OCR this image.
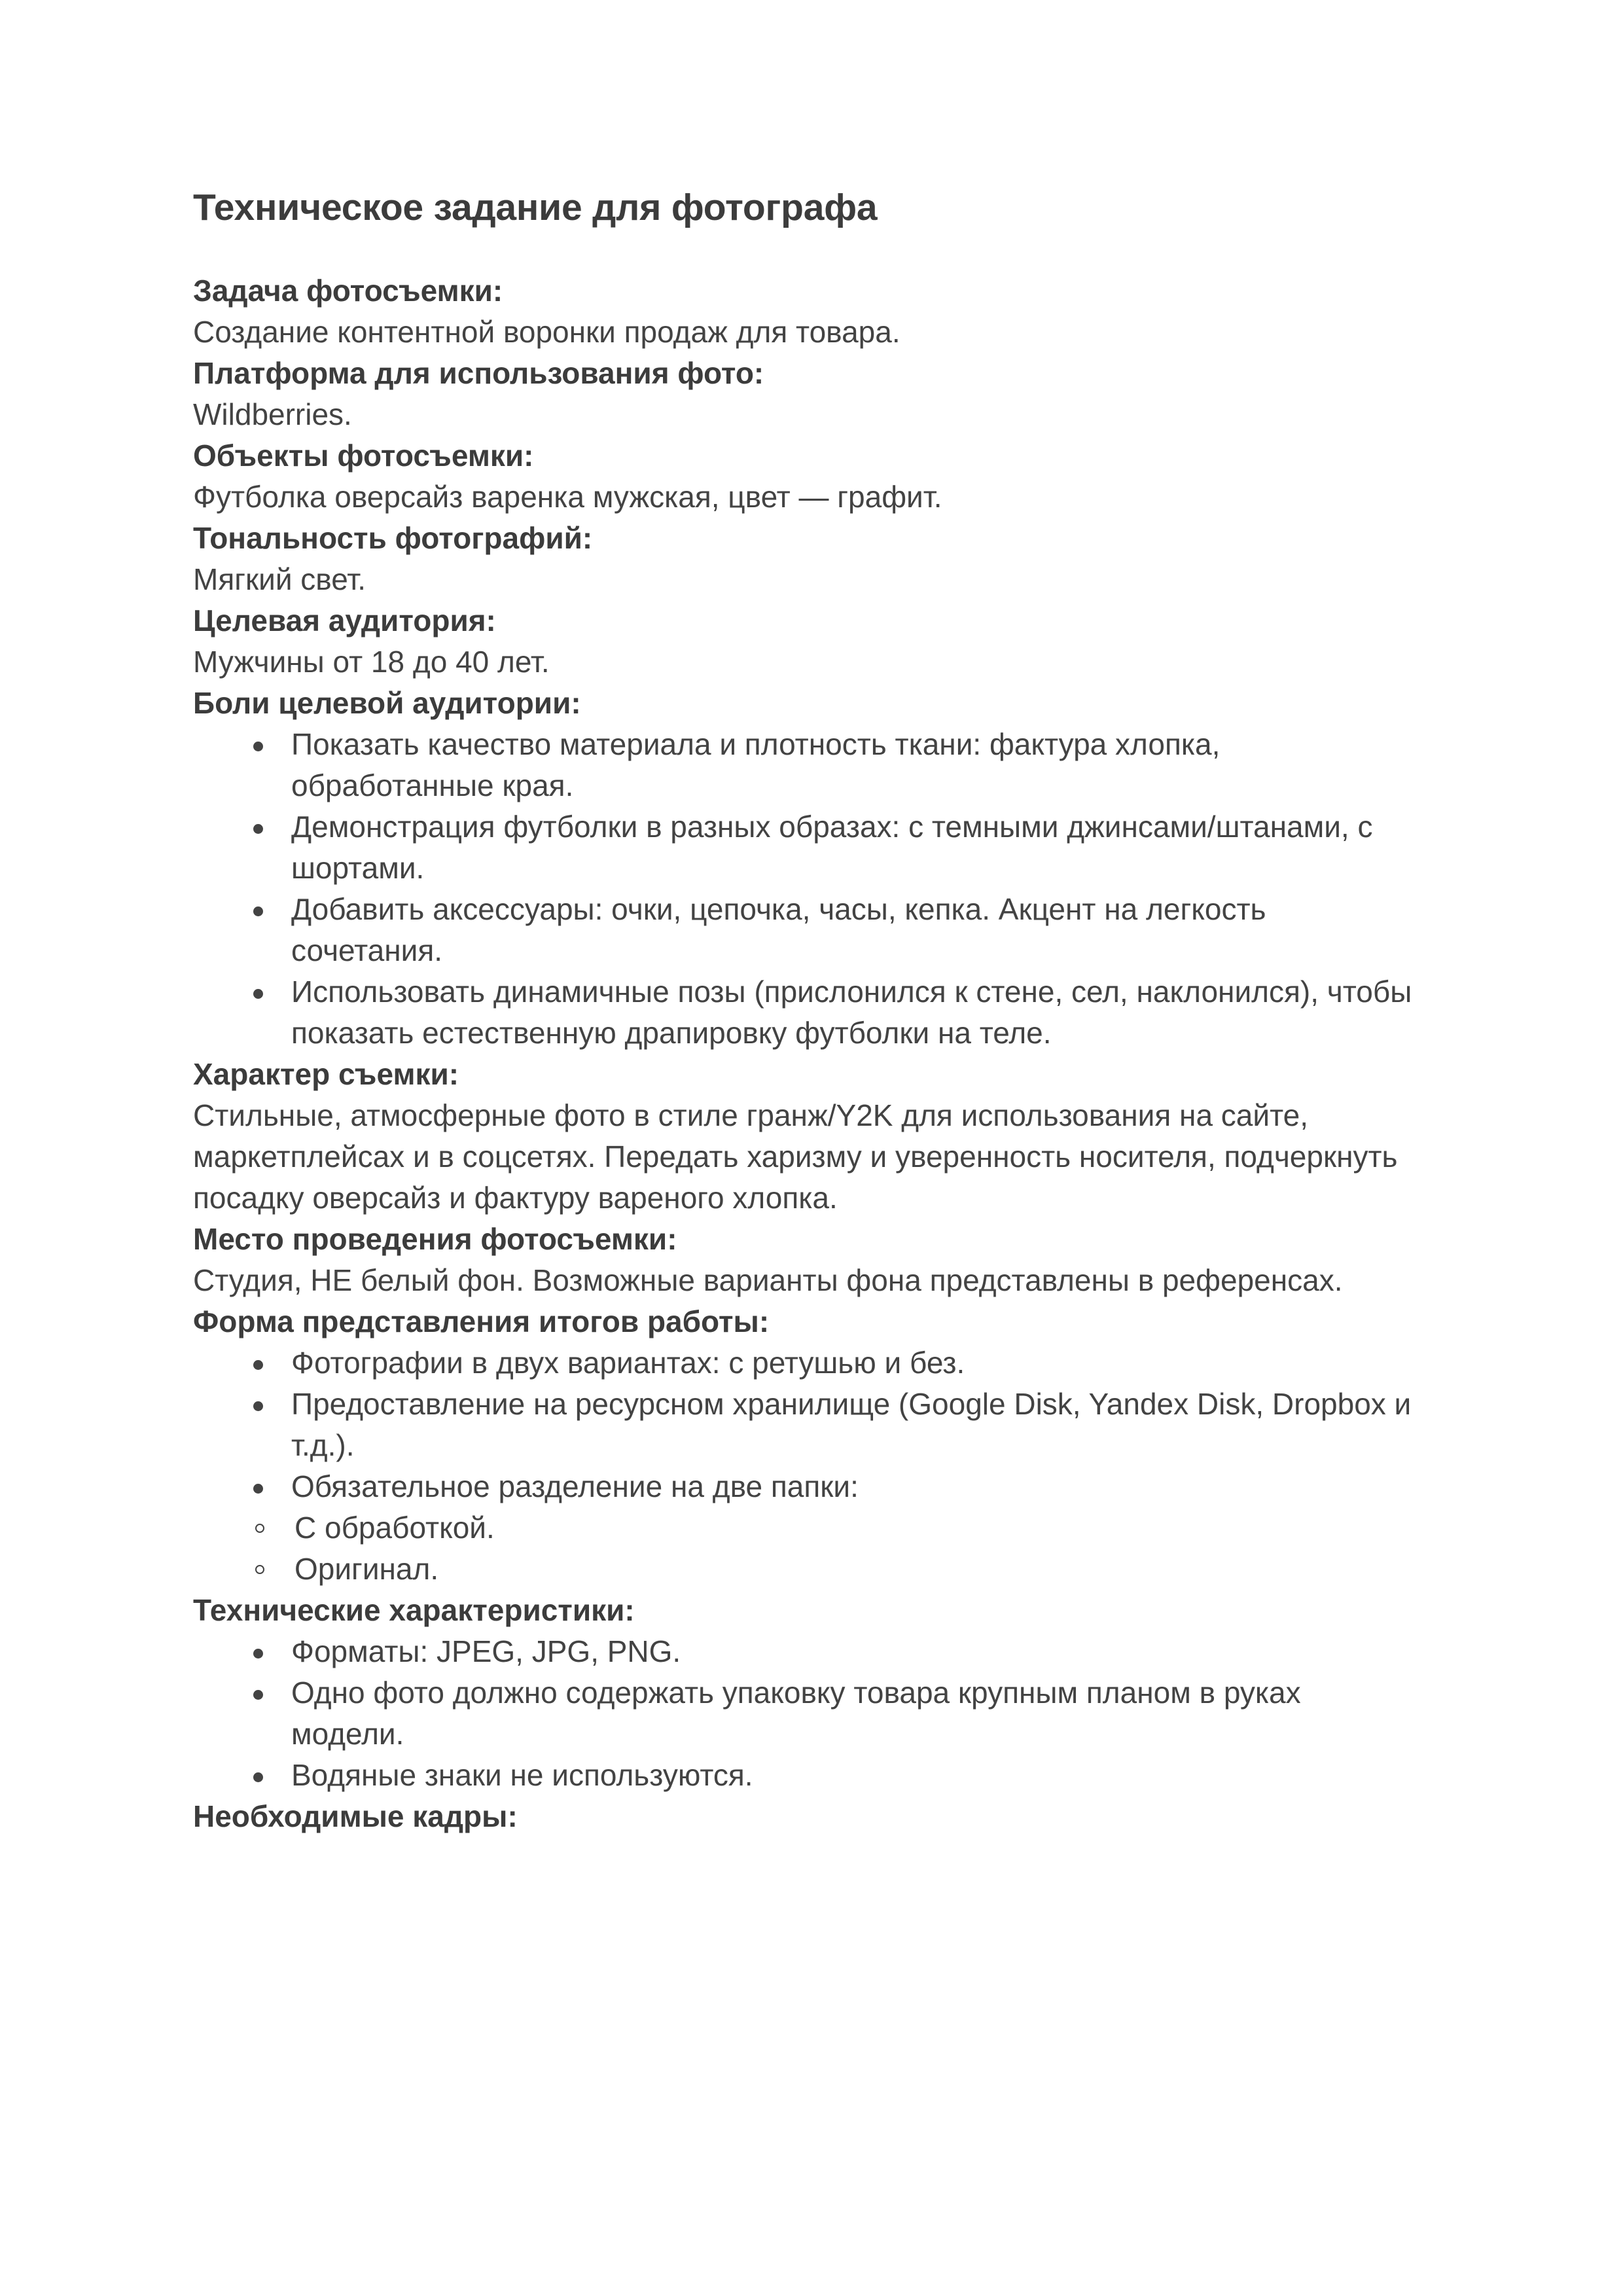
Техническое задание для фотографа

Задача фотосъемки:

Создание контентной воронки продаж для товара.

Платформа для использования фото:

Wildberries.

Объекты фотосъемки:

Футболка оверсайз варенка мужская, цвет — графит.

Тональность фотографий:

Мягкий свет.

Целевая аудитория:

Мужчины от 18 до 40 лет.

Боли целевой аудитории:

Показать качество материала и плотность ткани: фактура хлопка, обработанные края.
Демонстрация футболки в разных образах: с темными джинсами/штанами, с шортами.
Добавить аксессуары: очки, цепочка, часы, кепка. Акцент на легкость сочетания.
Использовать динамичные позы (прислонился к стене, сел, наклонился), чтобы показать естественную драпировку футболки на теле.

Характер съемки:

Стильные, атмосферные фото в стиле гранж/Y2K для использования на сайте, маркетплейсах и в соцсетях. Передать харизму и уверенность носителя, подчеркнуть посадку оверсайз и фактуру вареного хлопка.

Место проведения фотосъемки:

Студия, НЕ белый фон. Возможные варианты фона представлены в референсах.

Форма представления итогов работы:

Фотографии в двух вариантах: с ретушью и без.
Предоставление на ресурсном хранилище (Google Disk, Yandex Disk, Dropbox и т.д.).
Обязательное разделение на две папки:
С обработкой.
Оригинал.

Технические характеристики:

Форматы: JPEG, JPG, PNG.
Одно фото должно содержать упаковку товара крупным планом в руках модели.
Водяные знаки не используются.

Необходимые кадры:
